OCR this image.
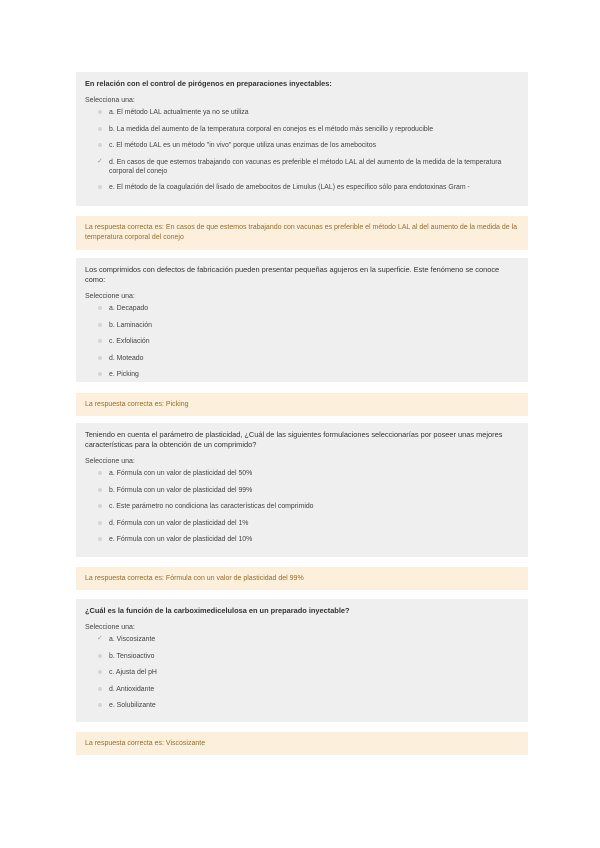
En relación con el control de pirógenos en preparaciones inyectables:
Selecciona una:
a. El método LAL actualmente ya no se utiliza
b. La medida del aumento de la temperatura corporal en conejos es el método más sencillo y reproducible
c. El método LAL es un método "in vivo" porque utiliza unas enzimas de los amebocitos
✓ d. En casos de que estemos trabajando con vacunas es preferible el método LAL al del aumento de la medida de la temperatura corporal del conejo
e. El método de la coagulación del lisado de amebocitos de Limulus (LAL) es específico sólo para endotoxinas Gram -
La respuesta correcta es: En casos de que estemos trabajando con vacunas es preferible el método LAL al del aumento de la medida de la temperatura corporal del conejo
Los comprimidos con defectos de fabricación pueden presentar pequeñas agujeros en la superficie. Este fenómeno se conoce como:
Seleccione una:
a. Decapado
b. Laminación
c. Exfoliación
d. Moteado
e. Picking
La respuesta correcta es: Picking
Teniendo en cuenta el parámetro de plasticidad, ¿Cuál de las siguientes formulaciones seleccionarías por poseer unas mejores características para la obtención de un comprimido?
Seleccione una:
a. Fórmula con un valor de plasticidad del 50%
b. Fórmula con un valor de plasticidad del 99%
c. Este parámetro no condiciona las características del comprimido
d. Fórmula con un valor de plasticidad del 1%
e. Fórmula con un valor de plasticidad del 10%
La respuesta correcta es: Fórmula con un valor de plasticidad del 99%
¿Cuál es la función de la carboximedicelulosa en un preparado inyectable?
Seleccione una:
✓ a. Viscosizante
b. Tensioactivo
c. Ajusta del pH
d. Antioxidante
e. Solubilizante
La respuesta correcta es: Viscosizante
